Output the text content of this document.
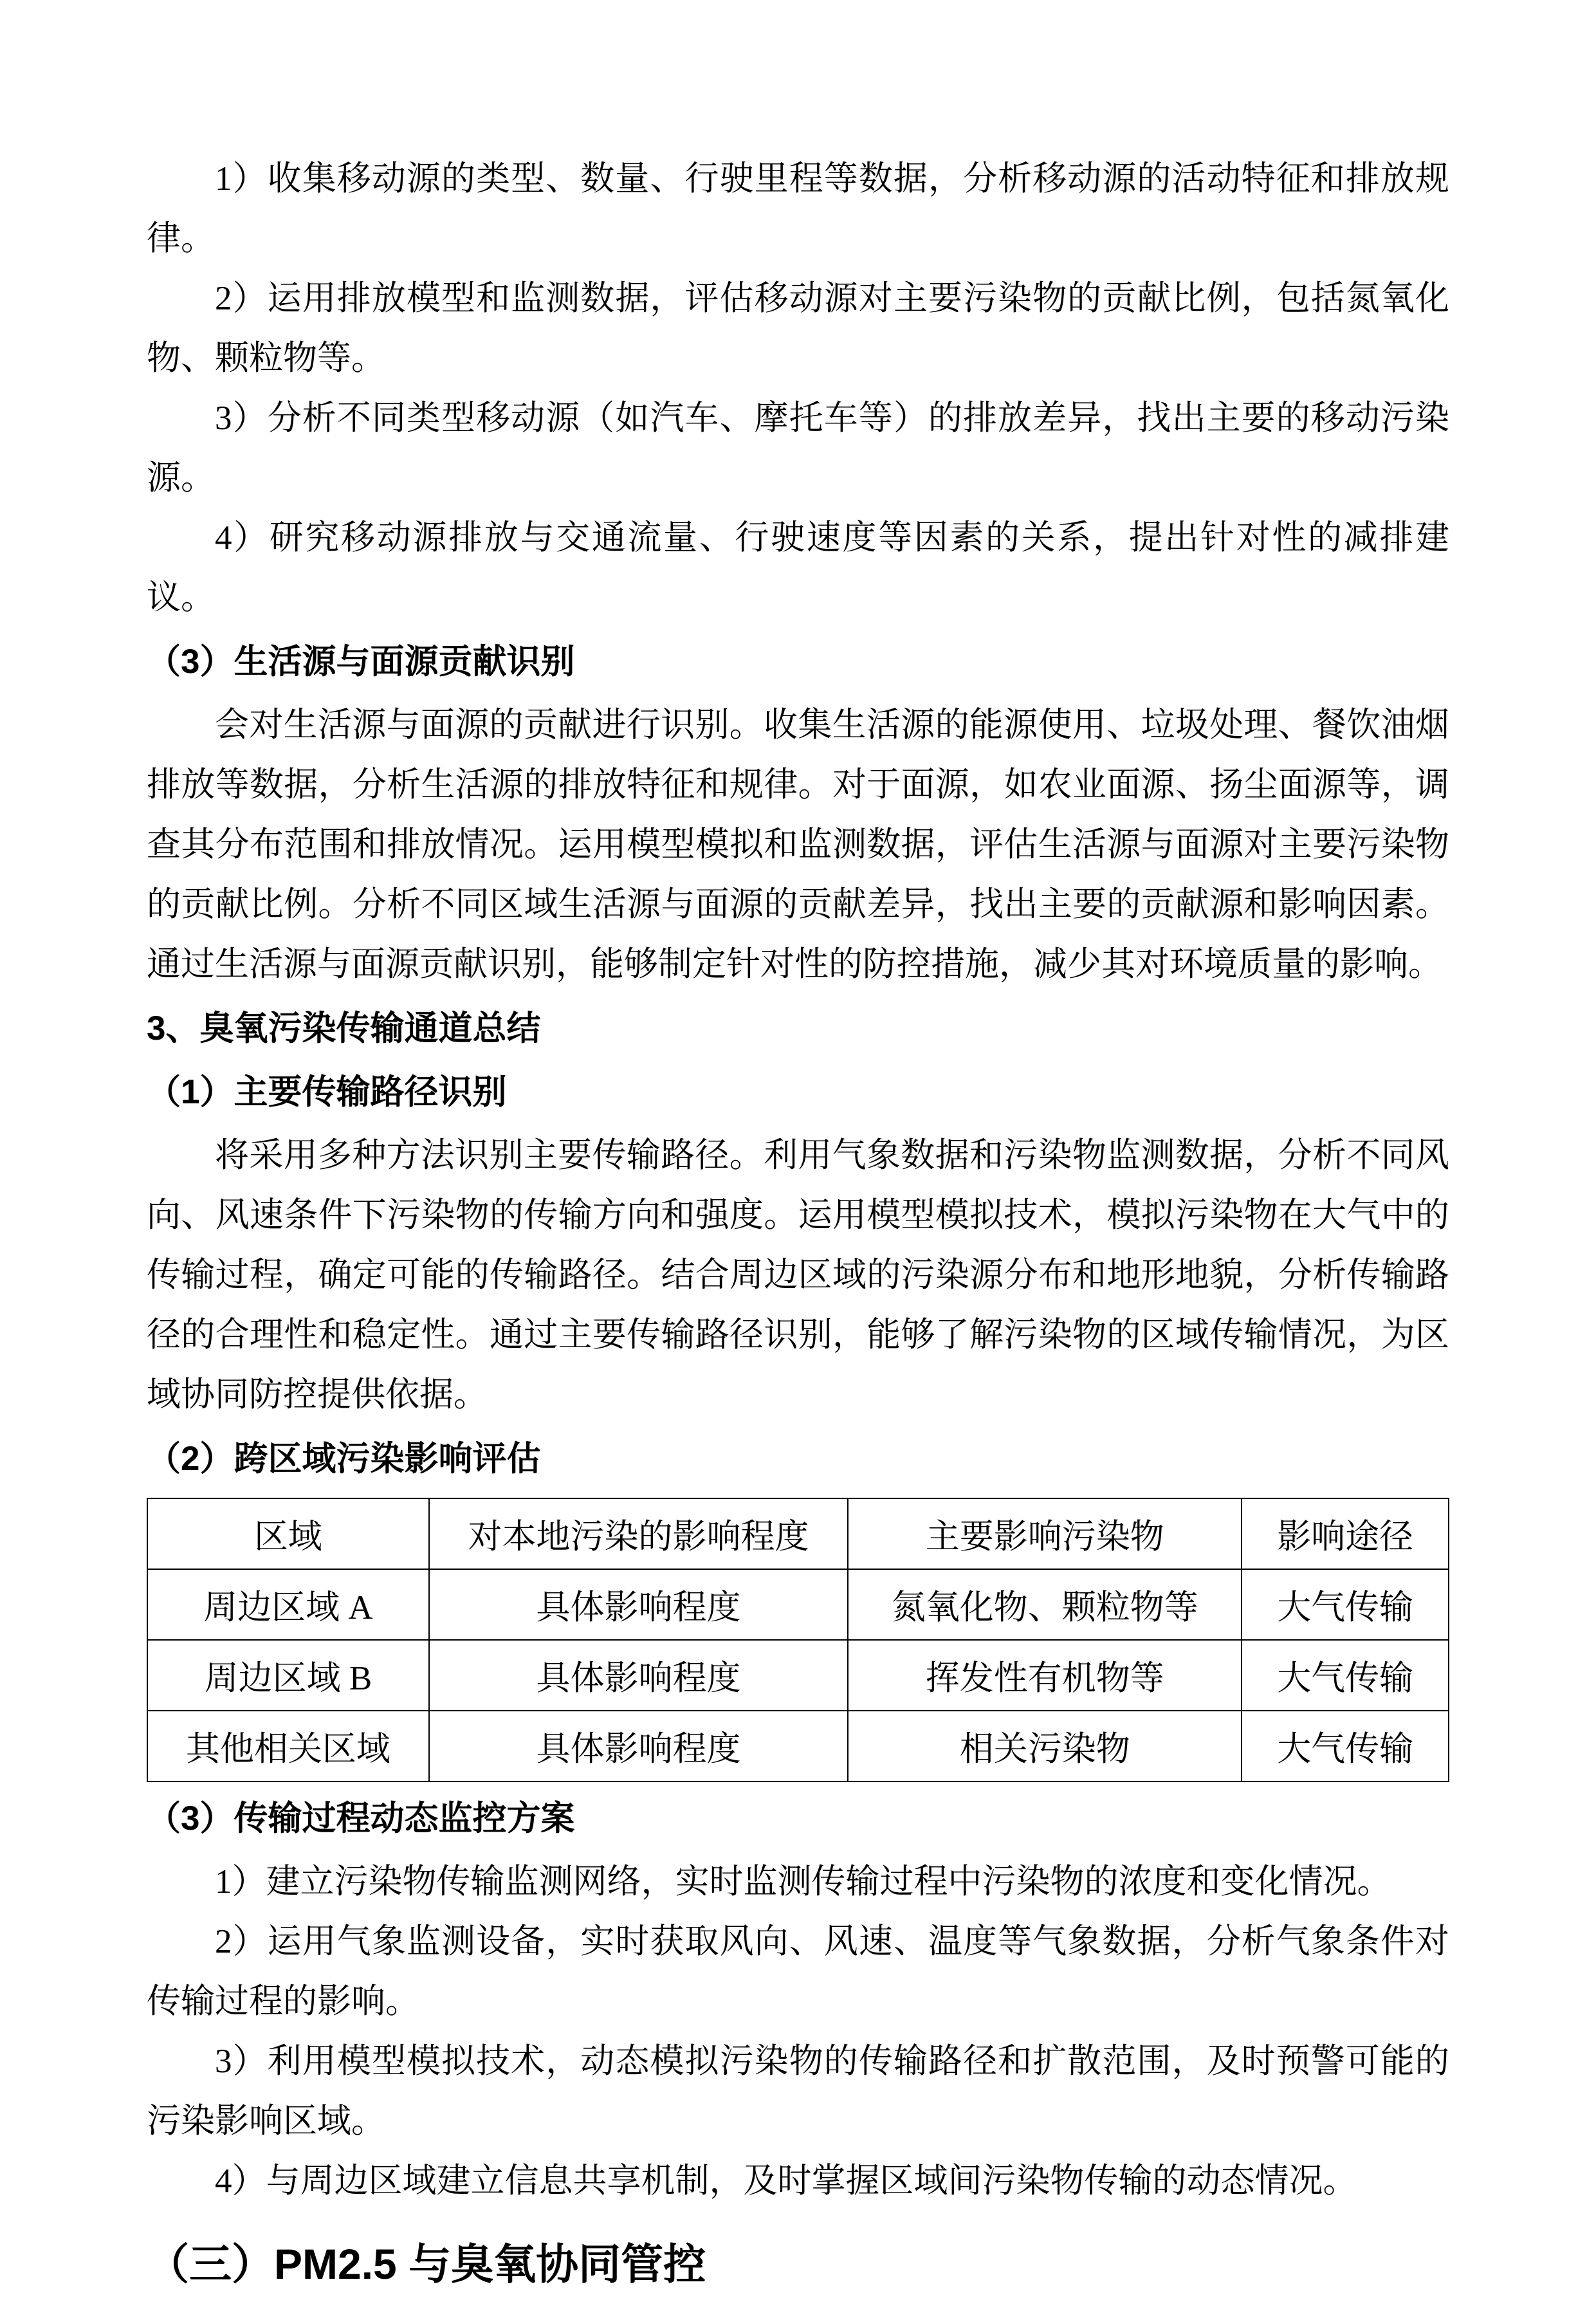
1）收集移动源的类型、数量、行驶里程等数据，分析移动源的活动特征和排放规律。
2）运用排放模型和监测数据，评估移动源对主要污染物的贡献比例，包括氮氧化物、颗粒物等。
3）分析不同类型移动源（如汽车、摩托车等）的排放差异，找出主要的移动污染源。
4）研究移动源排放与交通流量、行驶速度等因素的关系，提出针对性的减排建议。
（3）生活源与面源贡献识别
会对生活源与面源的贡献进行识别。收集生活源的能源使用、垃圾处理、餐饮油烟排放等数据，分析生活源的排放特征和规律。对于面源，如农业面源、扬尘面源等，调查其分布范围和排放情况。运用模型模拟和监测数据，评估生活源与面源对主要污染物的贡献比例。分析不同区域生活源与面源的贡献差异，找出主要的贡献源和影响因素。通过生活源与面源贡献识别，能够制定针对性的防控措施，减少其对环境质量的影响。
3、臭氧污染传输通道总结
（1）主要传输路径识别
将采用多种方法识别主要传输路径。利用气象数据和污染物监测数据，分析不同风向、风速条件下污染物的传输方向和强度。运用模型模拟技术，模拟污染物在大气中的传输过程，确定可能的传输路径。结合周边区域的污染源分布和地形地貌，分析传输路径的合理性和稳定性。通过主要传输路径识别，能够了解污染物的区域传输情况，为区域协同防控提供依据。
（2）跨区域污染影响评估
区域	对本地污染的影响程度	主要影响污染物	影响途径
周边区域 A	具体影响程度	氮氧化物、颗粒物等	大气传输
周边区域 B	具体影响程度	挥发性有机物等	大气传输
其他相关区域	具体影响程度	相关污染物	大气传输
（3）传输过程动态监控方案
1）建立污染物传输监测网络，实时监测传输过程中污染物的浓度和变化情况。
2）运用气象监测设备，实时获取风向、风速、温度等气象数据，分析气象条件对传输过程的影响。
3）利用模型模拟技术，动态模拟污染物的传输路径和扩散范围，及时预警可能的污染影响区域。
4）与周边区域建立信息共享机制，及时掌握区域间污染物传输的动态情况。
（三）PM2.5 与臭氧协同管控
